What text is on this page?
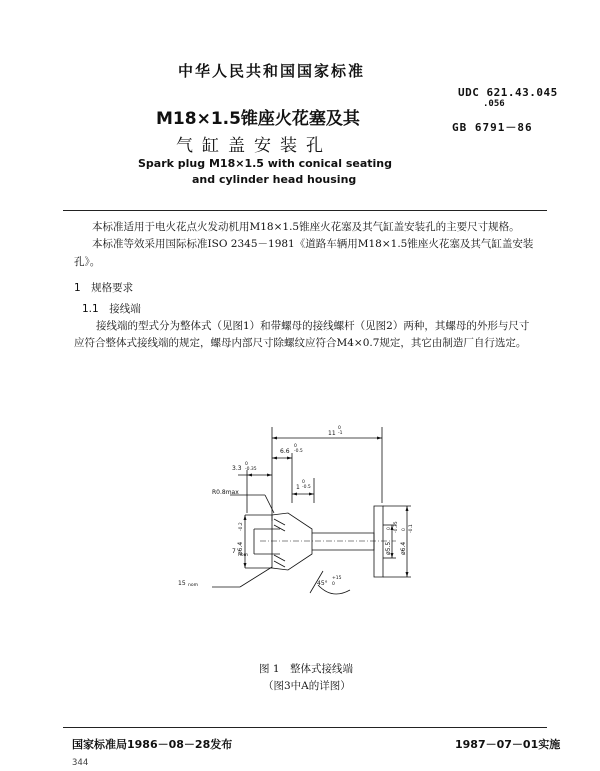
中华人民共和国国家标准
UDC 621.43.045
.056
GB 6791－86
M18×1.5锥座火花塞及其
气缸盖安装孔
Spark plug M18×1.5 with conical seating
and cylinder head housing
本标准适用于电火花点火发动机用M18×1.5锥座火花塞及其气缸盖安装孔的主要尺寸规格。
本标准等效采用国际标准ISO 2345－1981《道路车辆用M18×1.5锥座火花塞及其气缸盖安装
孔》。
1　规格要求
1.1　接线端
接线端的型式分为整体式（见图1）和带螺母的接线螺杆（见图2）两种，其螺母的外形与尺寸
应符合整体式接线端的规定，螺母内部尺寸除螺纹应符合M4×0.7规定，其它由制造厂自行选定。
11
0
-1
6.6
0
-0.5
3.3
0
-0.35
1
0
-0.5
R0.8max
ø6.4
-0.2
7
nom
ø5.5
0 -0.35
ø6.4
0 -0.1
15 nom	45°
+15
0
图 1　整体式接线端
（图3中A的详图）
国家标准局1986－08－28发布	1987－07－01实施
344
